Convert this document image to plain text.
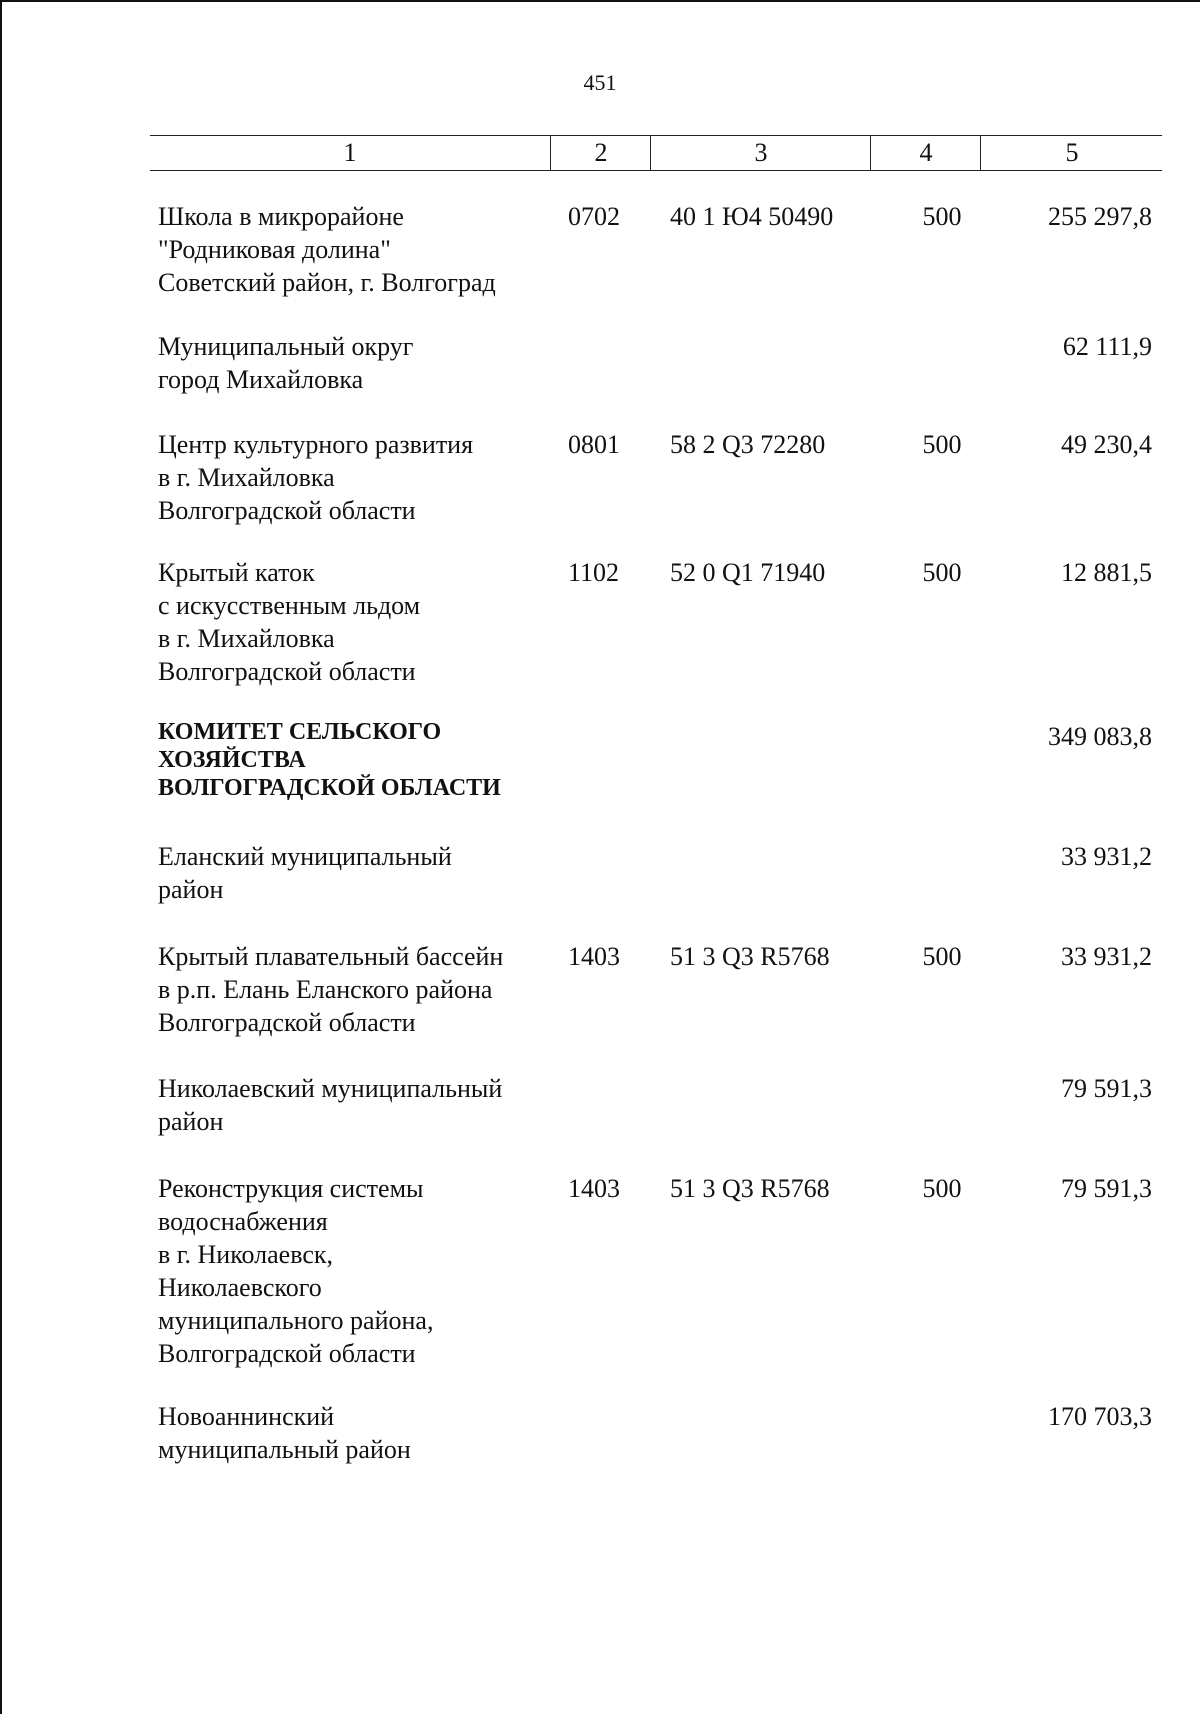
451
1	2	3	4	5
Школа в микрорайоне
"Родниковая долина"
Советский район, г. Волгоград
0702	40 1 Ю4 50490	500	255 297,8
Муниципальный округ
город Михайловка
62 111,9
Центр культурного развития
в г. Михайловка
Волгоградской области
0801	58 2 Q3 72280	500	49 230,4
Крытый каток
с искусственным льдом
в г. Михайловка
Волгоградской области
1102	52 0 Q1 71940	500	12 881,5
КОМИТЕТ СЕЛЬСКОГО
ХОЗЯЙСТВА
ВОЛГОГРАДСКОЙ ОБЛАСТИ
349 083,8
Еланский муниципальный
район
33 931,2
Крытый плавательный бассейн
в р.п. Елань Еланского района
Волгоградской области
1403	51 3 Q3 R5768	500	33 931,2
Николаевский муниципальный
район
79 591,3
Реконструкция системы
водоснабжения
в г. Николаевск,
Николаевского
муниципального района,
Волгоградской области
1403	51 3 Q3 R5768	500	79 591,3
Новоаннинский
муниципальный район
170 703,3
